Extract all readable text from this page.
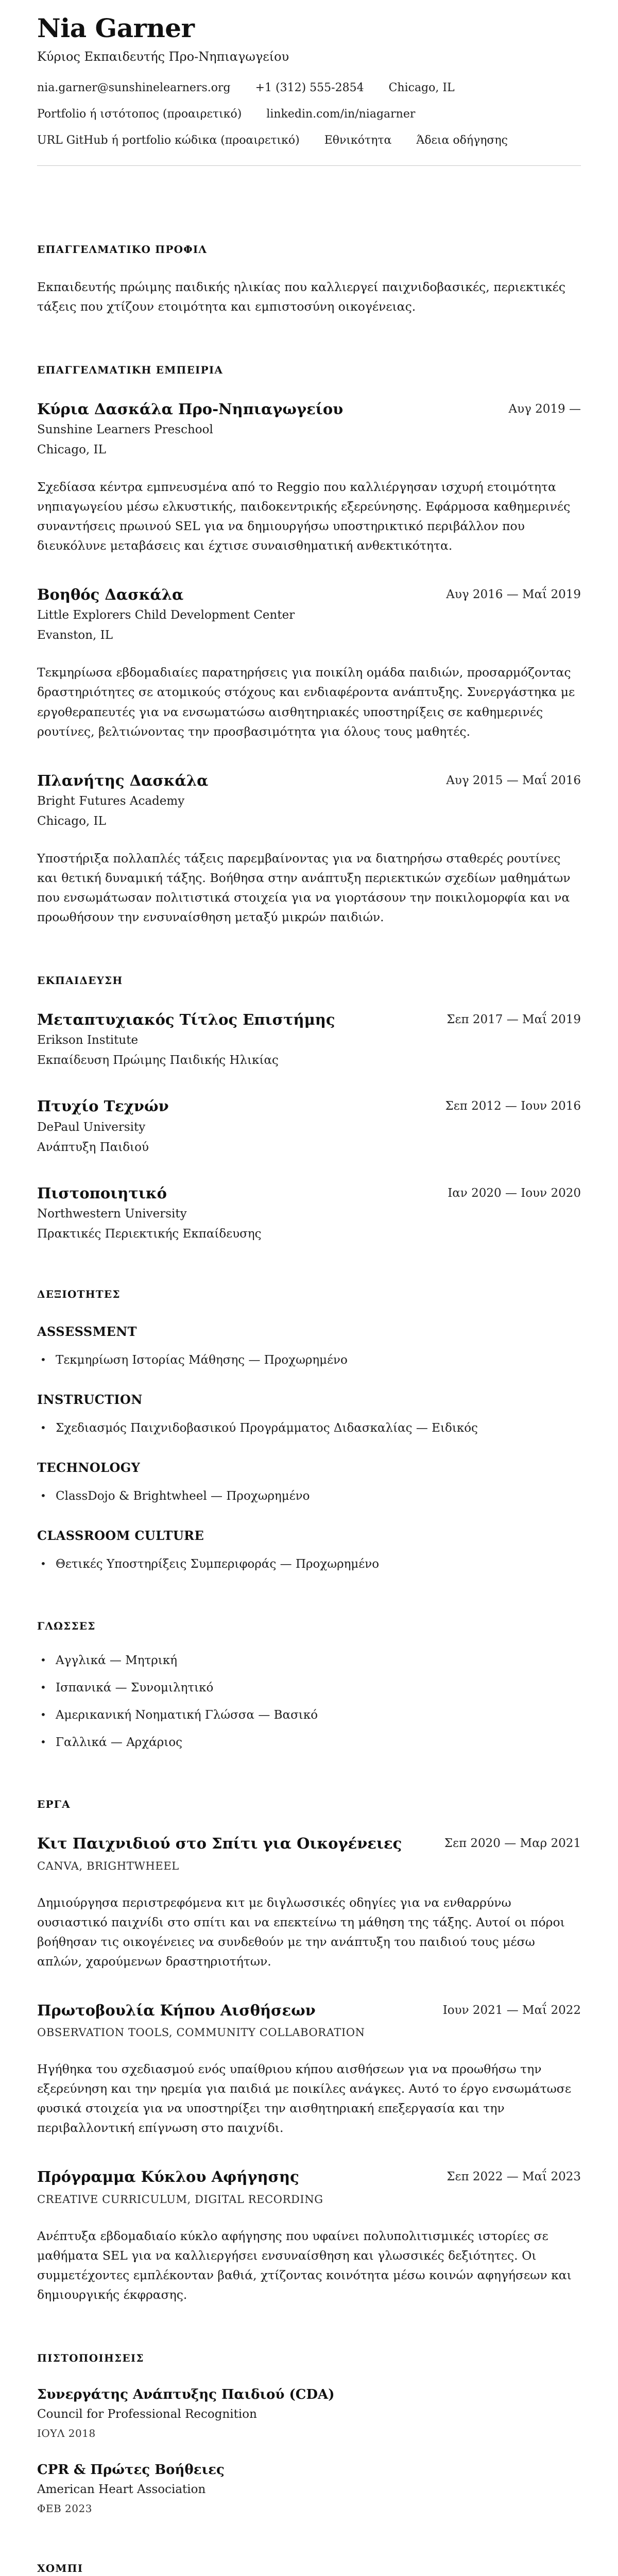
Nia Garner
Κύριος Εκπαιδευτής Προ-Νηπιαγωγείου
nia.garner@sunshinelearners.org +1 (312) 555-2854 Chicago, IL
Portfolio ή ιστότοπος (προαιρετικό) linkedin.com/in/niagarner
URL GitHub ή portfolio κώδικα (προαιρετικό) Εθνικότητα Άδεια οδήγησης
ΕΠΑΓΓΕΛΜΑΤΙΚΟ ΠΡΟΦΙΛ

Εκπαιδευτής πρώιμης παιδικής ηλικίας που καλλιεργεί παιχνιδοβασικές, περιεκτικές τάξεις που χτίζουν ετοιμότητα και εμπιστοσύνη οικογένειας.

ΕΠΑΓΓΕΛΜΑΤΙΚΗ ΕΜΠΕΙΡΙΑ
Κύρια Δασκάλα Προ-Νηπιαγωγείου	Αυγ 2019 —
Sunshine Learners Preschool
Chicago, IL

Σχεδίασα κέντρα εμπνευσμένα από το Reggio που καλλιέργησαν ισχυρή ετοιμότητα νηπιαγωγείου μέσω ελκυστικής, παιδοκεντρικής εξερεύνησης. Εφάρμοσα καθημερινές συναντήσεις πρωινού SEL για να δημιουργήσω υποστηρικτικό περιβάλλον που διευκόλυνε μεταβάσεις και έχτισε συναισθηματική ανθεκτικότητα.

Βοηθός Δασκάλα	Αυγ 2016 — Μαΐ 2019
Little Explorers Child Development Center
Evanston, IL

Τεκμηρίωσα εβδομαδιαίες παρατηρήσεις για ποικίλη ομάδα παιδιών, προσαρμόζοντας δραστηριότητες σε ατομικούς στόχους και ενδιαφέροντα ανάπτυξης. Συνεργάστηκα με εργοθεραπευτές για να ενσωματώσω αισθητηριακές υποστηρίξεις σε καθημερινές ρουτίνες, βελτιώνοντας την προσβασιμότητα για όλους τους μαθητές.

Πλανήτης Δασκάλα	Αυγ 2015 — Μαΐ 2016
Bright Futures Academy
Chicago, IL

Υποστήριξα πολλαπλές τάξεις παρεμβαίνοντας για να διατηρήσω σταθερές ρουτίνες και θετική δυναμική τάξης. Βοήθησα στην ανάπτυξη περιεκτικών σχεδίων μαθημάτων που ενσωμάτωσαν πολιτιστικά στοιχεία για να γιορτάσουν την ποικιλομορφία και να προωθήσουν την ενσυναίσθηση μεταξύ μικρών παιδιών.

ΕΚΠΑΙΔΕΥΣΗ
Μεταπτυχιακός Τίτλος Επιστήμης	Σεπ 2017 — Μαΐ 2019
Erikson Institute
Εκπαίδευση Πρώιμης Παιδικής Ηλικίας
Πτυχίο Τεχνών	Σεπ 2012 — Ιουν 2016
DePaul University
Ανάπτυξη Παιδιού
Πιστοποιητικό	Ιαν 2020 — Ιουν 2020
Northwestern University
Πρακτικές Περιεκτικής Εκπαίδευσης
ΔΕΞΙΟΤΗΤΕΣ
ASSESSMENT
• Τεκμηρίωση Ιστορίας Μάθησης — Προχωρημένο
INSTRUCTION
• Σχεδιασμός Παιχνιδοβασικού Προγράμματος Διδασκαλίας — Ειδικός
TECHNOLOGY
• ClassDojo & Brightwheel — Προχωρημένο
CLASSROOM CULTURE
• Θετικές Υποστηρίξεις Συμπεριφοράς — Προχωρημένο
ΓΛΩΣΣΕΣ
• Αγγλικά — Μητρική
• Ισπανικά — Συνομιλητικό
• Αμερικανική Νοηματική Γλώσσα — Βασικό
• Γαλλικά — Αρχάριος
ΕΡΓΑ
Κιτ Παιχνιδιού στο Σπίτι για Οικογένειες	Σεπ 2020 — Μαρ 2021
CANVA, BRIGHTWHEEL

Δημιούργησα περιστρεφόμενα κιτ με διγλωσσικές οδηγίες για να ενθαρρύνω ουσιαστικό παιχνίδι στο σπίτι και να επεκτείνω τη μάθηση της τάξης. Αυτοί οι πόροι βοήθησαν τις οικογένειες να συνδεθούν με την ανάπτυξη του παιδιού τους μέσω απλών, χαρούμενων δραστηριοτήτων.

Πρωτοβουλία Κήπου Αισθήσεων	Ιουν 2021 — Μαΐ 2022
OBSERVATION TOOLS, COMMUNITY COLLABORATION

Ηγήθηκα του σχεδιασμού ενός υπαίθριου κήπου αισθήσεων για να προωθήσω την εξερεύνηση και την ηρεμία για παιδιά με ποικίλες ανάγκες. Αυτό το έργο ενσωμάτωσε φυσικά στοιχεία για να υποστηρίξει την αισθητηριακή επεξεργασία και την περιβαλλοντική επίγνωση στο παιχνίδι.

Πρόγραμμα Κύκλου Αφήγησης	Σεπ 2022 — Μαΐ 2023
CREATIVE CURRICULUM, DIGITAL RECORDING

Ανέπτυξα εβδομαδιαίο κύκλο αφήγησης που υφαίνει πολυπολιτισμικές ιστορίες σε μαθήματα SEL για να καλλιεργήσει ενσυναίσθηση και γλωσσικές δεξιότητες. Οι συμμετέχοντες εμπλέκονταν βαθιά, χτίζοντας κοινότητα μέσω κοινών αφηγήσεων και δημιουργικής έκφρασης.

ΠΙΣΤΟΠΟΙΗΣΕΙΣ
Συνεργάτης Ανάπτυξης Παιδιού (CDA)
Council for Professional Recognition
ΙΟΥΛ 2018
CPR & Πρώτες Βοήθειες
American Heart Association
ΦΕΒ 2023
ΧΟΜΠΙ
